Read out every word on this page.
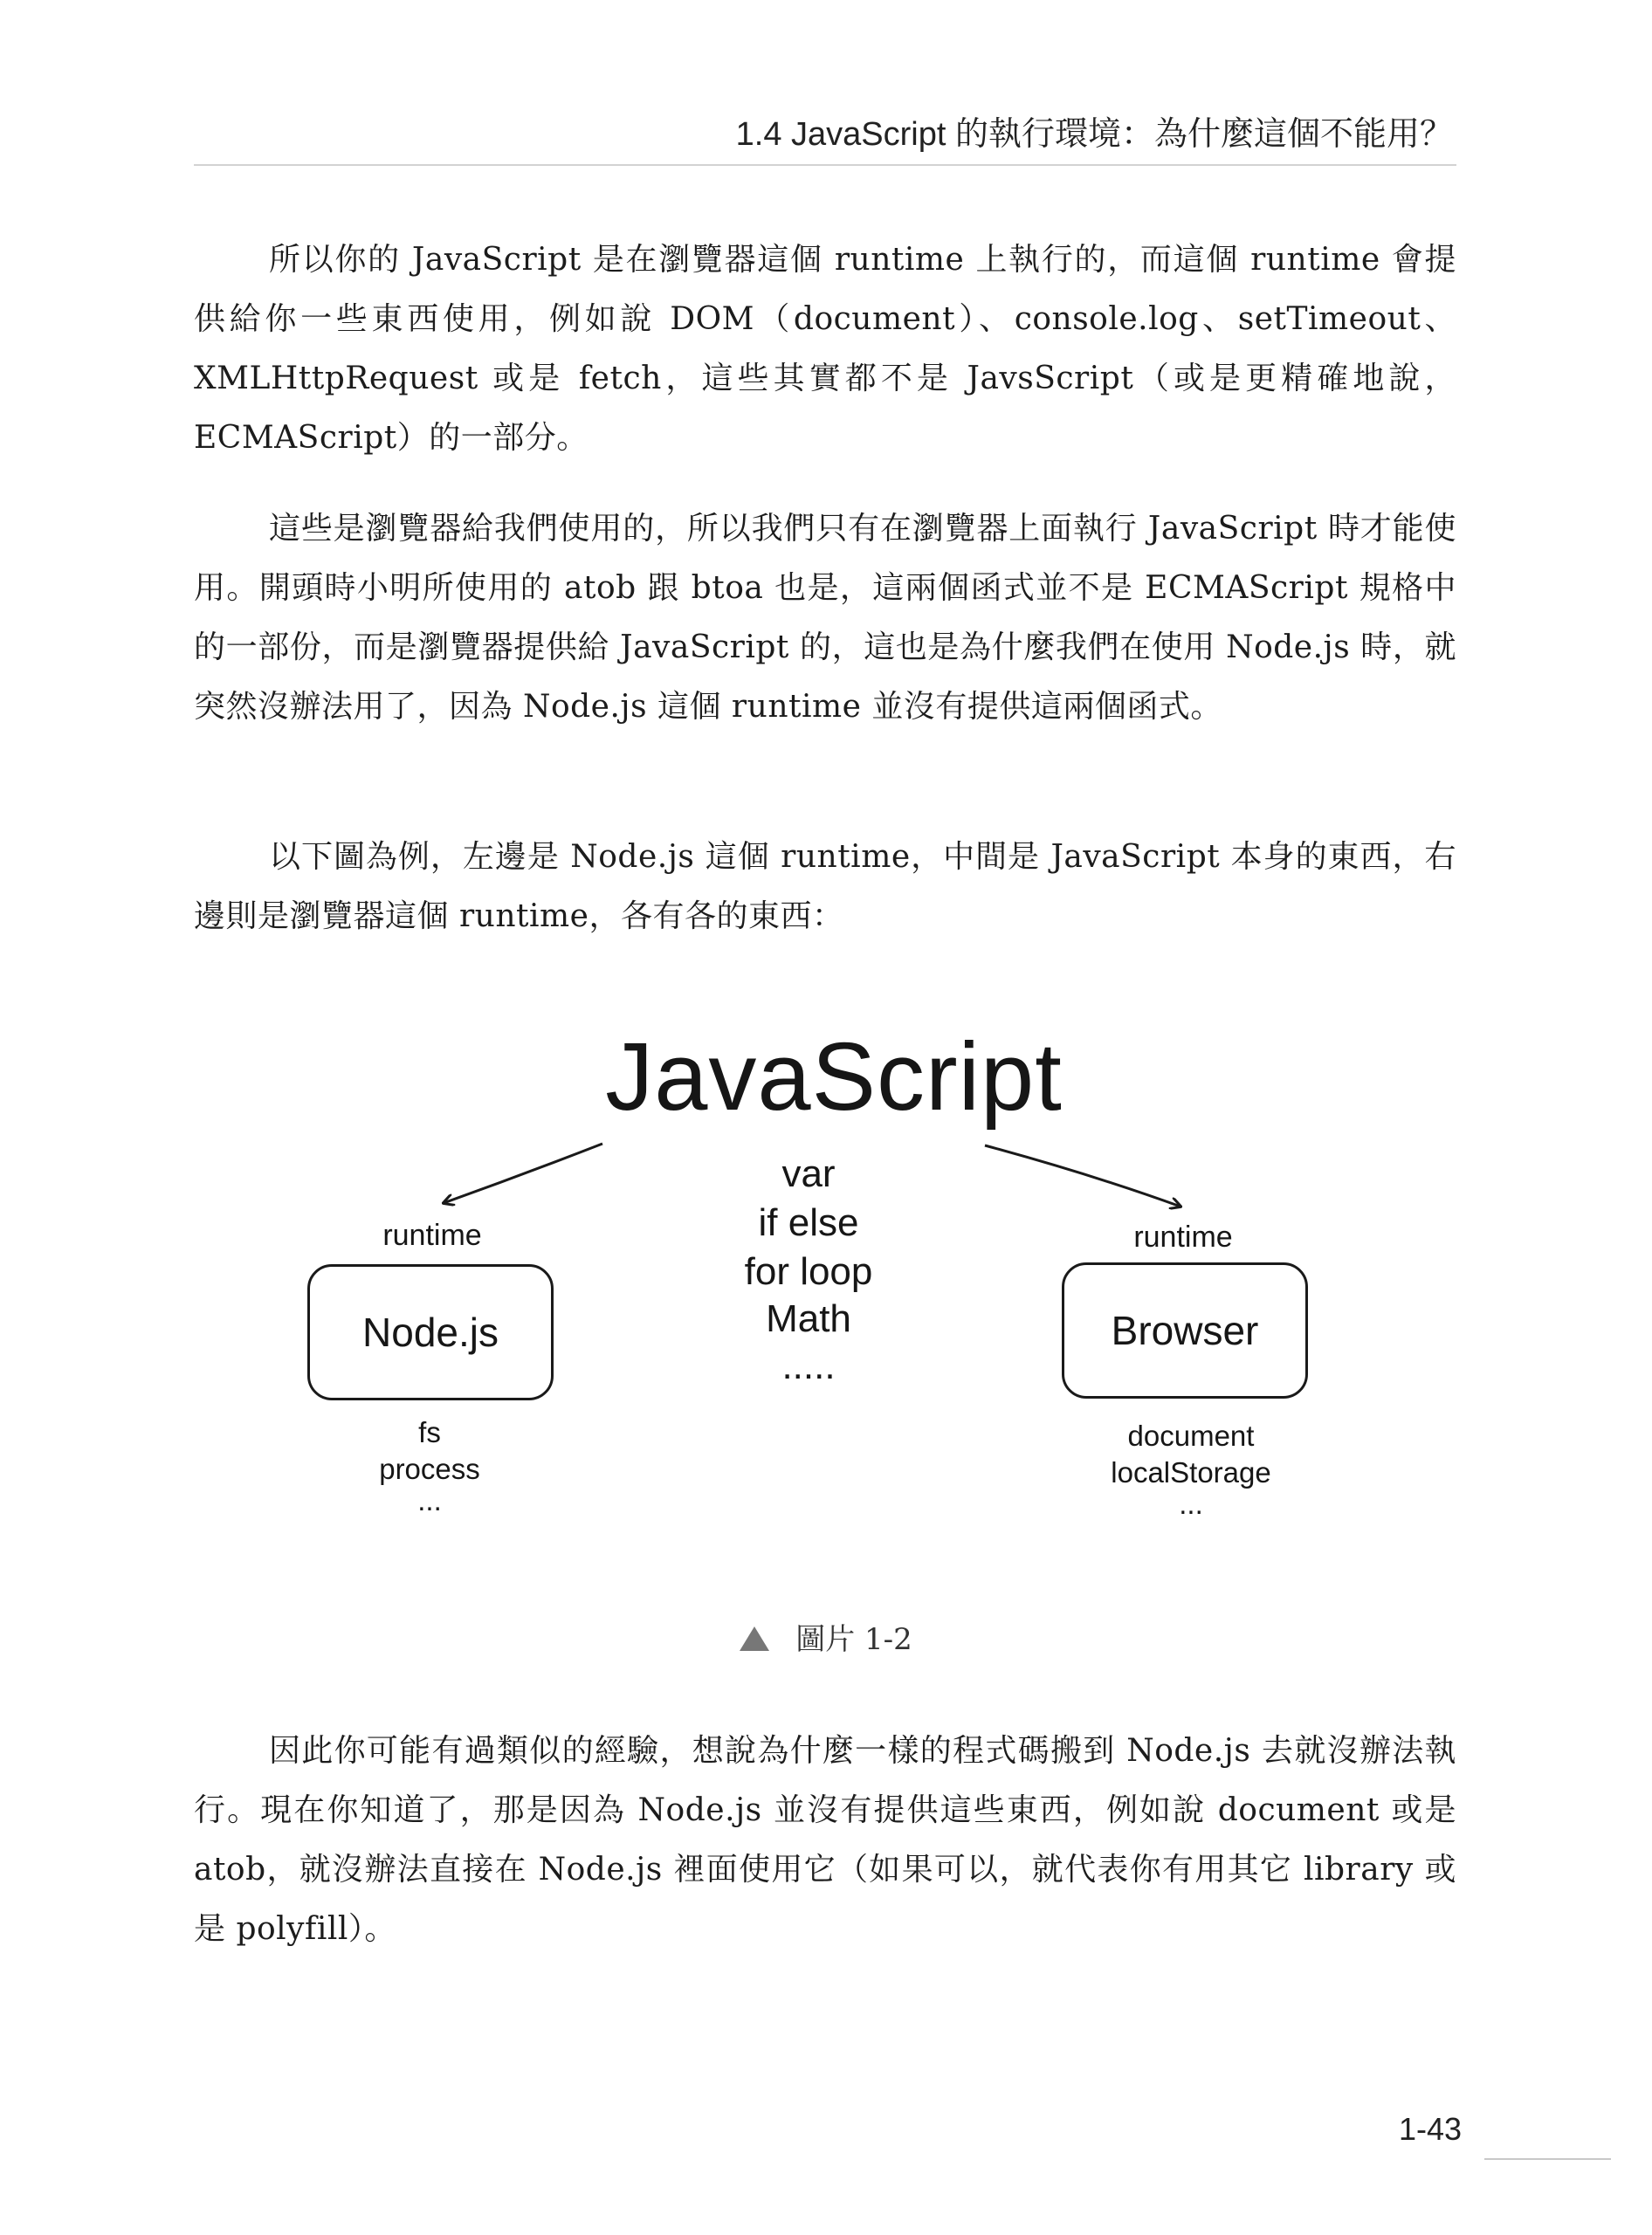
1.4 JavaScript 的執行環境：為什麼這個不能用？

所以你的 JavaScript 是在瀏覽器這個 runtime 上執行的，而這個 runtime 會提供給你一些東西使用，例如說 DOM（document）、console.log、setTimeout、XMLHttpRequest 或是 fetch，這些其實都不是 JavsScript（或是更精確地說，ECMAScript）的一部分。

這些是瀏覽器給我們使用的，所以我們只有在瀏覽器上面執行 JavaScript 時才能使用。開頭時小明所使用的 atob 跟 btoa 也是，這兩個函式並不是 ECMAScript 規格中的一部份，而是瀏覽器提供給 JavaScript 的，這也是為什麼我們在使用 Node.js 時，就突然沒辦法用了，因為 Node.js 這個 runtime 並沒有提供這兩個函式。

以下圖為例，左邊是 Node.js 這個 runtime，中間是 JavaScript 本身的東西，右邊則是瀏覽器這個 runtime，各有各的東西：

JavaScript
runtime
Node.js
fs
process
...
var
if else
for loop
Math
.....
runtime
Browser
document
localStorage
...
圖片 1-2

因此你可能有過類似的經驗，想說為什麼一樣的程式碼搬到 Node.js 去就沒辦法執行。現在你知道了，那是因為 Node.js 並沒有提供這些東西，例如說 document 或是 atob，就沒辦法直接在 Node.js 裡面使用它（如果可以，就代表你有用其它 library 或是 polyfill）。

1-43
